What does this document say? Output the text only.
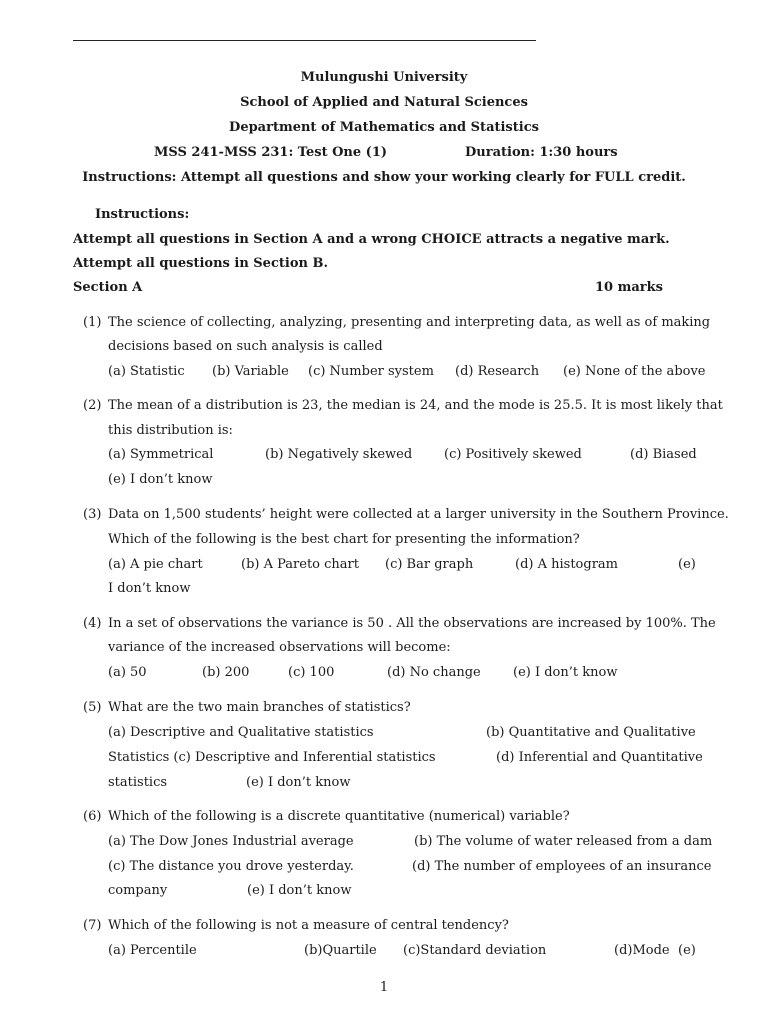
Mulungushi University
School of Applied and Natural Sciences
Department of Mathematics and Statistics
MSS 241-MSS 231: Test One (1)	Duration: 1:30 hours
Instructions: Attempt all questions and show your working clearly for FULL credit.
Instructions:
Attempt all questions in Section A and a wrong CHOICE attracts a negative mark.
Attempt all questions in Section B.
Section A	10 marks
(1) The science of collecting, analyzing, presenting and interpreting data, as well as of making
decisions based on such analysis is called
(a) Statistic (b) Variable (c) Number system (d) Research (e) None of the above
(2) The mean of a distribution is 23, the median is 24, and the mode is 25.5. It is most likely that
this distribution is:
(a) Symmetrical	(b) Negatively skewed (c) Positively skewed	(d) Biased
(e) I don’t know
(3) Data on 1,500 students’ height were collected at a larger university in the Southern Province.
Which of the following is the best chart for presenting the information?
(a) A pie chart	(b) A Pareto chart (c) Bar graph	(d) A histogram	(e)
I don’t know
(4) In a set of observations the variance is 50 . All the observations are increased by 100%. The
variance of the increased observations will become:
(a) 50	(b) 200	(c) 100	(d) No change (e) I don’t know
(5) What are the two main branches of statistics?
(a) Descriptive and Qualitative statistics	(b) Quantitative and Qualitative
Statistics (c) Descriptive and Inferential statistics	(d) Inferential and Quantitative
statistics	(e) I don’t know
(6) Which of the following is a discrete quantitative (numerical) variable?
(a) The Dow Jones Industrial average	(b) The volume of water released from a dam
(c) The distance you drove yesterday.	(d) The number of employees of an insurance
company	(e) I don’t know
(7) Which of the following is not a measure of central tendency?
(a) Percentile	(b)Quartile (c)Standard deviation	(d)Mode (e)
1
